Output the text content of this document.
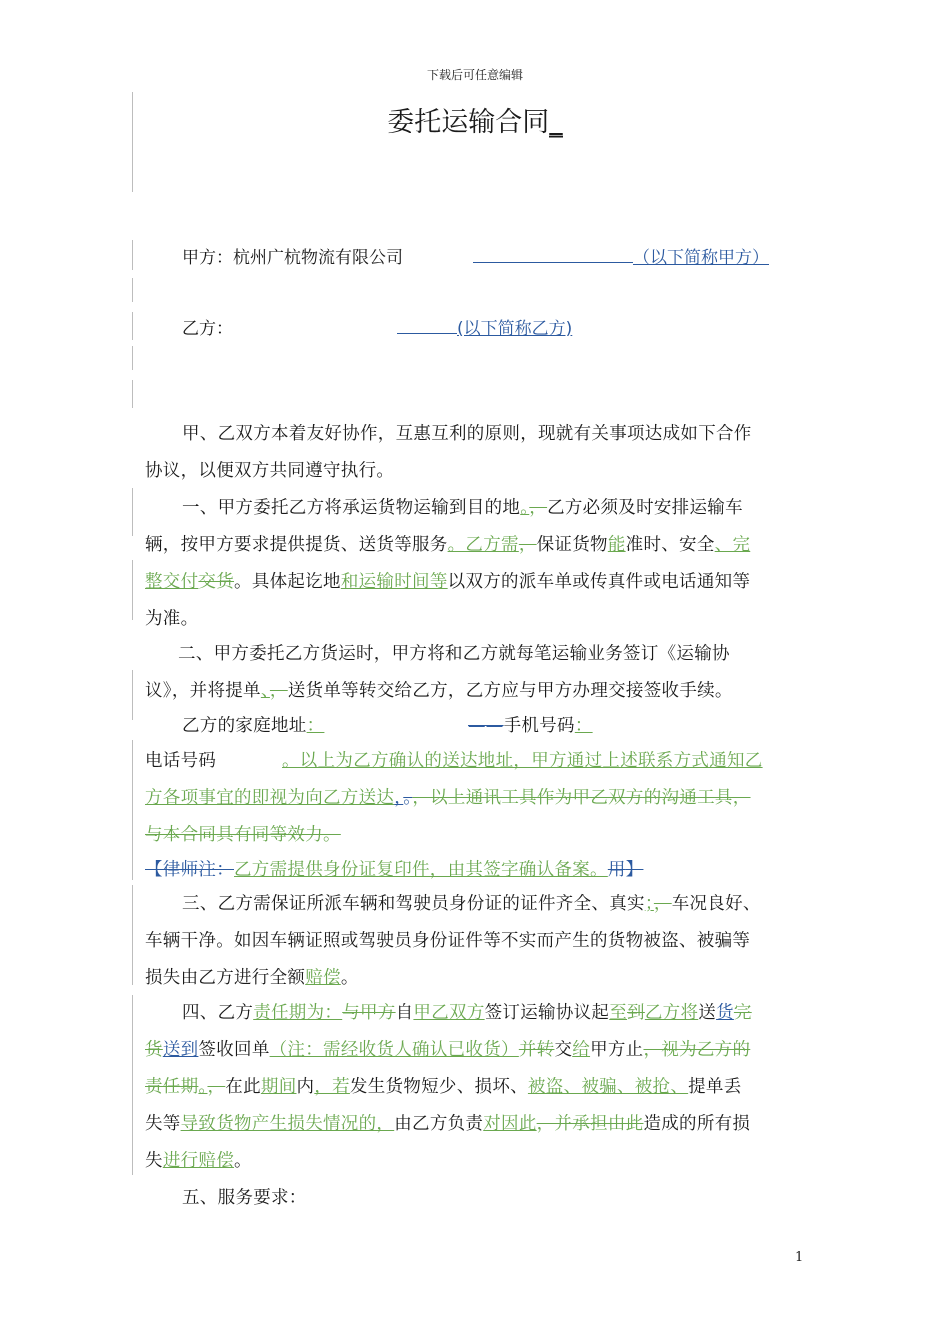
下载后可任意编辑
委托运输合同_
甲方：杭州广杭物流有限公司	（以下简称甲方）
乙方：	(以下简称乙方)
甲、乙双方本着友好协作，互惠互利的原则，现就有关事项达成如下合作
协议，以便双方共同遵守执行。
一、甲方委托乙方将承运货物运输到目的地。，乙方必须及时安排运输车
辆，按甲方要求提供提货、送货等服务。乙方需，保证货物能准时、安全、完
整交付交货。具体起讫地和运输时间等以双方的派车单或传真件或电话通知等
为准。
二、甲方委托乙方货运时，甲方将和乙方就每笔运输业务签订《运输协
议》，并将提单、，送货单等转交给乙方，乙方应与甲方办理交接签收手续。
乙方的家庭地址：	——手机号码：
电话号码	。以上为乙方确认的送达地址，甲方通过上述联系方式通知乙
方各项事宜的即视为向乙方送达，。，以上通讯工具作为甲乙双方的沟通工具，
与本合同具有同等效力。
【律师注：乙方需提供身份证复印件，由其签字确认备案。用】
三、乙方需保证所派车辆和驾驶员身份证的证件齐全、真实；，车况良好、
车辆干净。如因车辆证照或驾驶员身份证件等不实而产生的货物被盗、被骗等
损失由乙方进行全额赔偿。
四、乙方责任期为：与甲方自甲乙双方签订运输协议起至到乙方将送货完
货送到签收回单（注：需经收货人确认已收货）并转交给甲方止，视为乙方的
责任期。，在此期间内，若发生货物短少、损坏、被盗、被骗、被抢、提单丢
失等导致货物产生损失情况的，由乙方负责对因此，并承担由此造成的所有损
失进行赔偿。
五、服务要求：
1
